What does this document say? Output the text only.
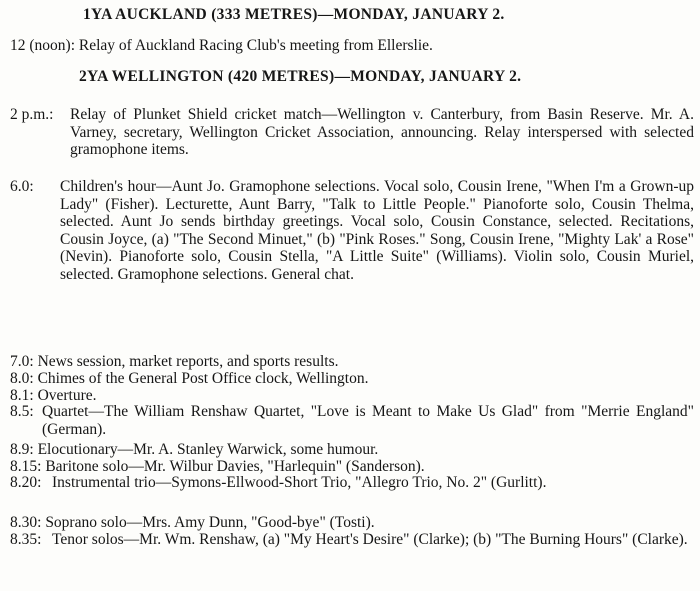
1YA AUCKLAND (333 METRES)—MONDAY, JANUARY 2.
12 (noon): Relay of Auckland Racing Club's meeting from Ellerslie.
2YA WELLINGTON (420 METRES)—MONDAY, JANUARY 2.
2 p.m.: Relay of Plunket Shield cricket match—Wellington v. Canterbury, from Basin Reserve. Mr. A. Varney, secretary, Wellington Cricket Association, announcing. Relay interspersed with selected gramophone items.
6.0: Children's hour—Aunt Jo. Gramophone selections. Vocal solo, Cousin Irene, "When I'm a Grown-up Lady" (Fisher). Lecturette, Aunt Barry, "Talk to Little People." Pianoforte solo, Cousin Thelma, selected. Aunt Jo sends birthday greetings. Vocal solo, Cousin Constance, selected. Recitations, Cousin Joyce, (a) "The Second Minuet," (b) "Pink Roses." Song, Cousin Irene, "Mighty Lak' a Rose" (Nevin). Pianoforte solo, Cousin Stella, "A Little Suite" (Williams). Violin solo, Cousin Muriel, selected. Gramophone selections. General chat.
7.0: News session, market reports, and sports results.
8.0: Chimes of the General Post Office clock, Wellington.
8.1: Overture.
8.5: Quartet—The William Renshaw Quartet, "Love is Meant to Make Us Glad" from "Merrie England" (German).
8.9: Elocutionary—Mr. A. Stanley Warwick, some humour.
8.15: Baritone solo—Mr. Wilbur Davies, "Harlequin" (Sanderson).
8.20: Instrumental trio—Symons-Ellwood-Short Trio, "Allegro Trio, No. 2" (Gurlitt).
8.30: Soprano solo—Mrs. Amy Dunn, "Good-bye" (Tosti).
8.35: Tenor solos—Mr. Wm. Renshaw, (a) "My Heart's Desire" (Clarke); (b) "The Burning Hours" (Clarke).
